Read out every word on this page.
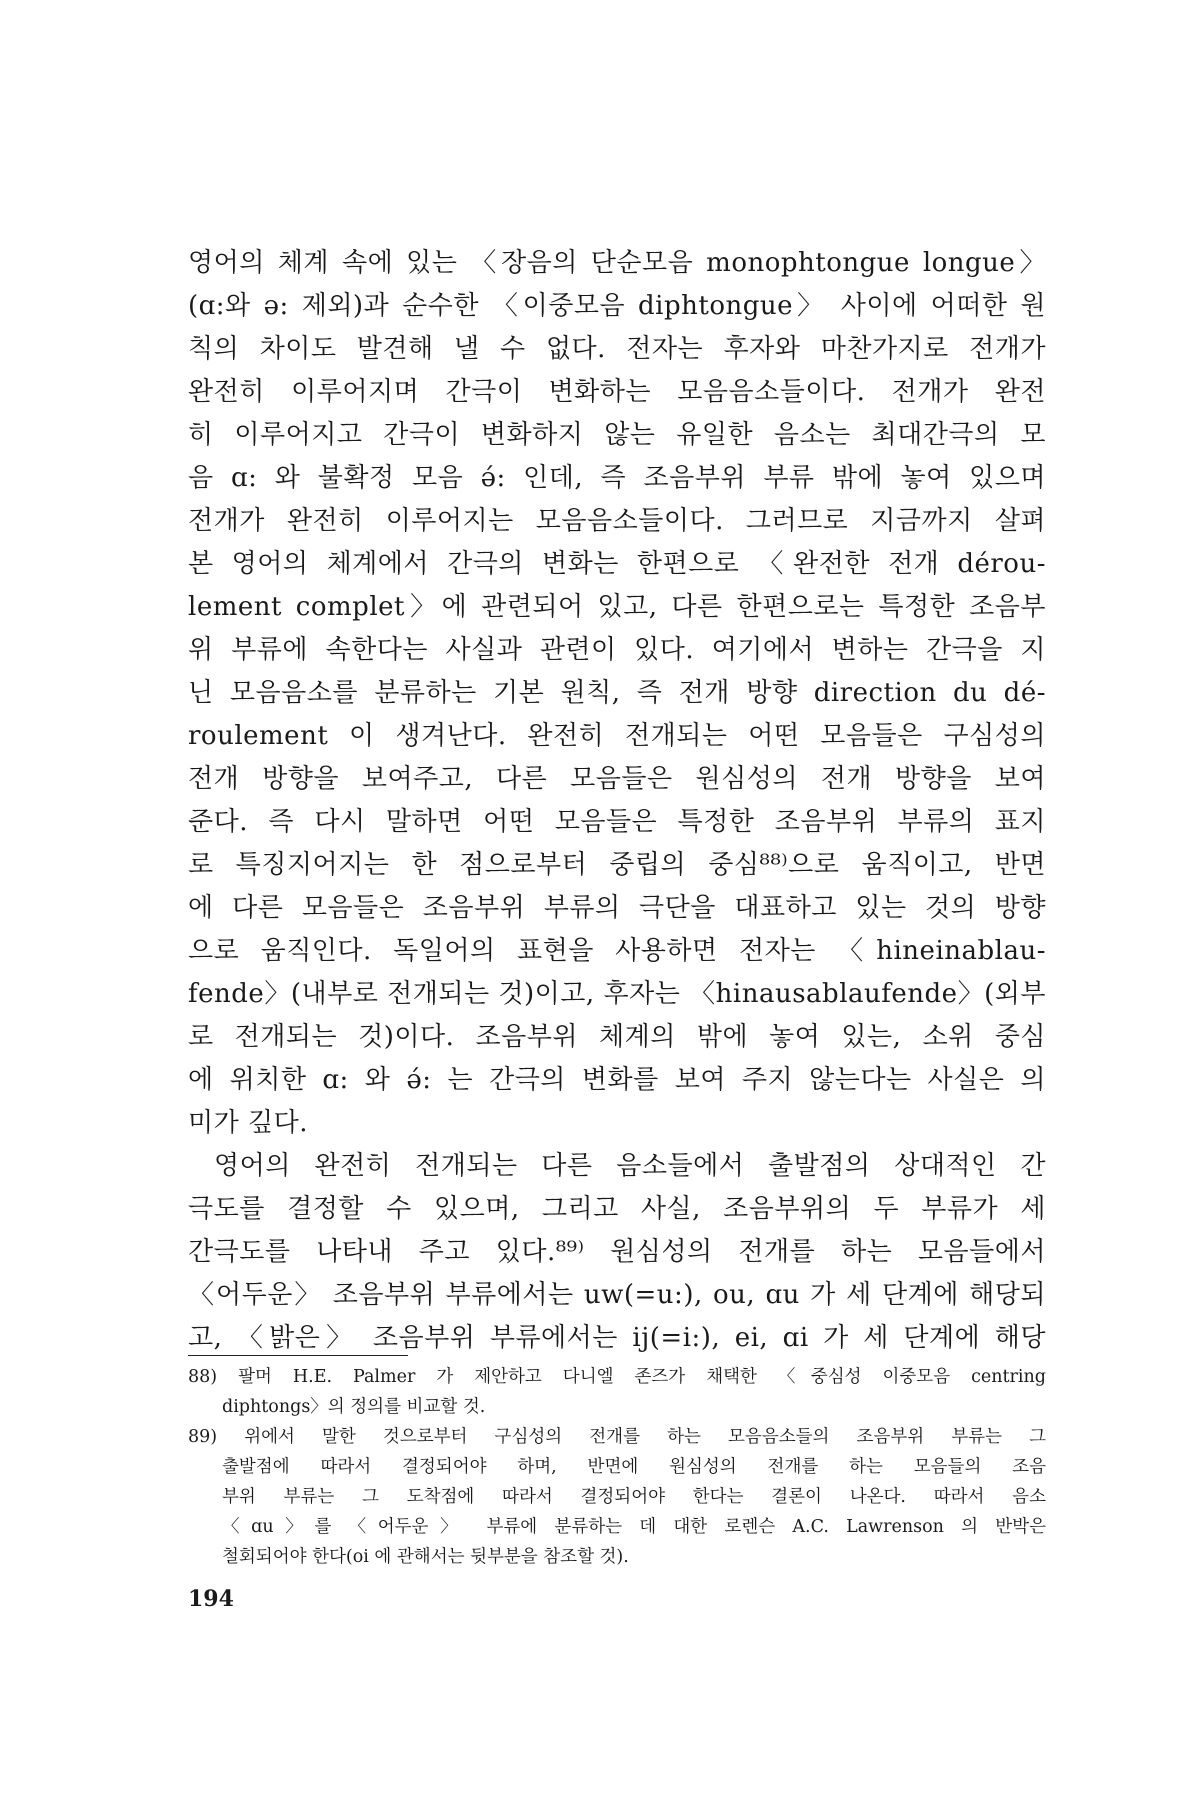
영어의 체계 속에 있는 〈장음의 단순모음 monophtongue longue〉
(ɑ:와 ə: 제외)과 순수한 〈이중모음 diphtongue〉 사이에 어떠한 원
칙의 차이도 발견해 낼 수 없다. 전자는 후자와 마찬가지로 전개가
완전히 이루어지며 간극이 변화하는 모음음소들이다. 전개가 완전
히 이루어지고 간극이 변화하지 않는 유일한 음소는 최대간극의 모
음 ɑ: 와 불확정 모음 ə́: 인데, 즉 조음부위 부류 밖에 놓여 있으며
전개가 완전히 이루어지는 모음음소들이다. 그러므로 지금까지 살펴
본 영어의 체계에서 간극의 변화는 한편으로 〈완전한 전개 dérou-
lement complet〉에 관련되어 있고, 다른 한편으로는 특정한 조음부
위 부류에 속한다는 사실과 관련이 있다. 여기에서 변하는 간극을 지
닌 모음음소를 분류하는 기본 원칙, 즉 전개 방향 direction du dé-
roulement 이 생겨난다. 완전히 전개되는 어떤 모음들은 구심성의
전개 방향을 보여주고, 다른 모음들은 원심성의 전개 방향을 보여
준다. 즉 다시 말하면 어떤 모음들은 특정한 조음부위 부류의 표지
로 특징지어지는 한 점으로부터 중립의 중심⁸⁸⁾으로 움직이고, 반면
에 다른 모음들은 조음부위 부류의 극단을 대표하고 있는 것의 방향
으로 움직인다. 독일어의 표현을 사용하면 전자는 〈hineinablau-
fende〉(내부로 전개되는 것)이고, 후자는 〈hinausablaufende〉(외부
로 전개되는 것)이다. 조음부위 체계의 밖에 놓여 있는, 소위 중심
에 위치한 ɑ: 와 ə́: 는 간극의 변화를 보여 주지 않는다는 사실은 의
미가 깊다.
영어의 완전히 전개되는 다른 음소들에서 출발점의 상대적인 간
극도를 결정할 수 있으며, 그리고 사실, 조음부위의 두 부류가 세
간극도를 나타내 주고 있다.⁸⁹⁾ 원심성의 전개를 하는 모음들에서
〈어두운〉 조음부위 부류에서는 uw(=u:), ou, ɑu 가 세 단계에 해당되
고, 〈밝은〉 조음부위 부류에서는 ij(=i:), ei, ɑi 가 세 단계에 해당
88) 팔머 H.E. Palmer 가 제안하고 다니엘 존즈가 채택한 〈중심성 이중모음 centring
diphtongs〉의 정의를 비교할 것.
89) 위에서 말한 것으로부터 구심성의 전개를 하는 모음음소들의 조음부위 부류는 그
출발점에 따라서 결정되어야 하며, 반면에 원심성의 전개를 하는 모음들의 조음
부위 부류는 그 도착점에 따라서 결정되어야 한다는 결론이 나온다. 따라서 음소
〈ɑu〉를 〈어두운〉 부류에 분류하는 데 대한 로렌슨 A.C. Lawrenson 의 반박은
철회되어야 한다(oi 에 관해서는 뒷부분을 참조할 것).
194
